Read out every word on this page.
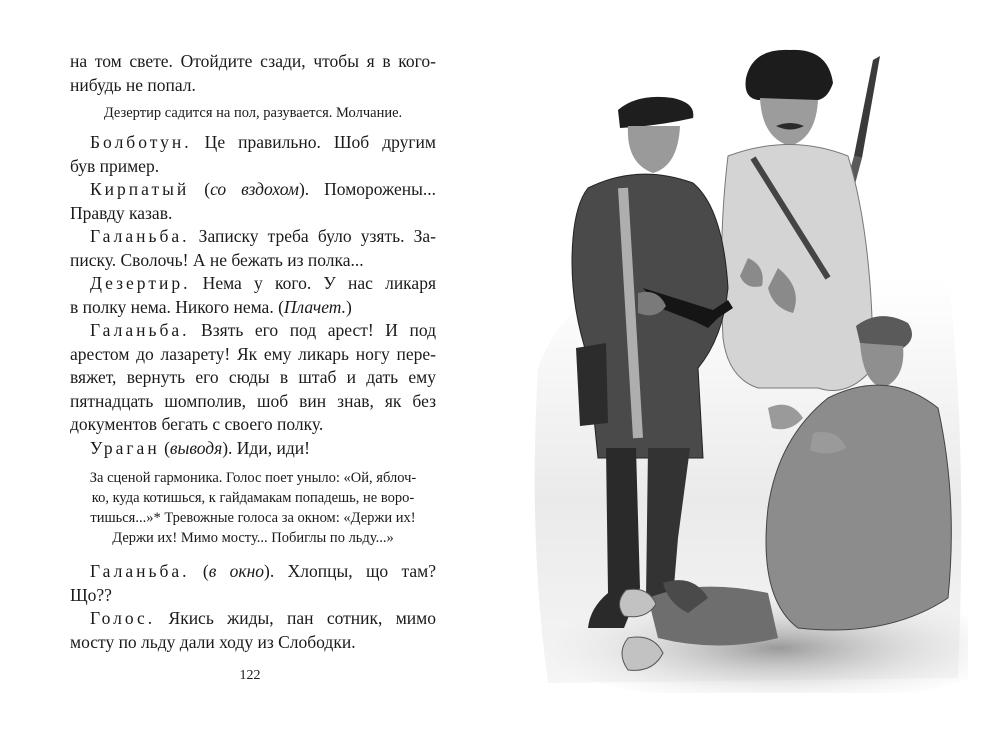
на том свете. Отойдите сзади, чтобы я в кого-
нибудь не попал.
Дезертир садится на пол, разувается. Молчание.
Болботун. Це правильно. Шоб другим
був пример.
Кирпатый (со вздохом). Поморожены...
Правду казав.
Галаньба. Записку треба було узять. За-
писку. Сволочь! А не бежать из полка...
Дезертир. Нема у кого. У нас ликаря
в полку нема. Никого нема. (Плачет.)
Галаньба. Взять его под арест! И под
арестом до лазарету! Як ему ликарь ногу пере-
вяжет, вернуть его сюды в штаб и дать ему
пятнадцать шомполив, шоб вин знав, як без
документов бегать с своего полку.
Ураган (выводя). Иди, иди!
За сценой гармоника. Голос поет уныло: «Ой, яблоч-
ко, куда котишься, к гайдамакам попадешь, не воро-
тишься...»* Тревожные голоса за окном: «Держи их!
Держи их! Мимо мосту... Побиглы по льду...»
Галаньба. (в окно). Хлопцы, що там?
Що??
Голос. Якись жиды, пан сотник, мимо
мосту по льду дали ходу из Слободки.
122
